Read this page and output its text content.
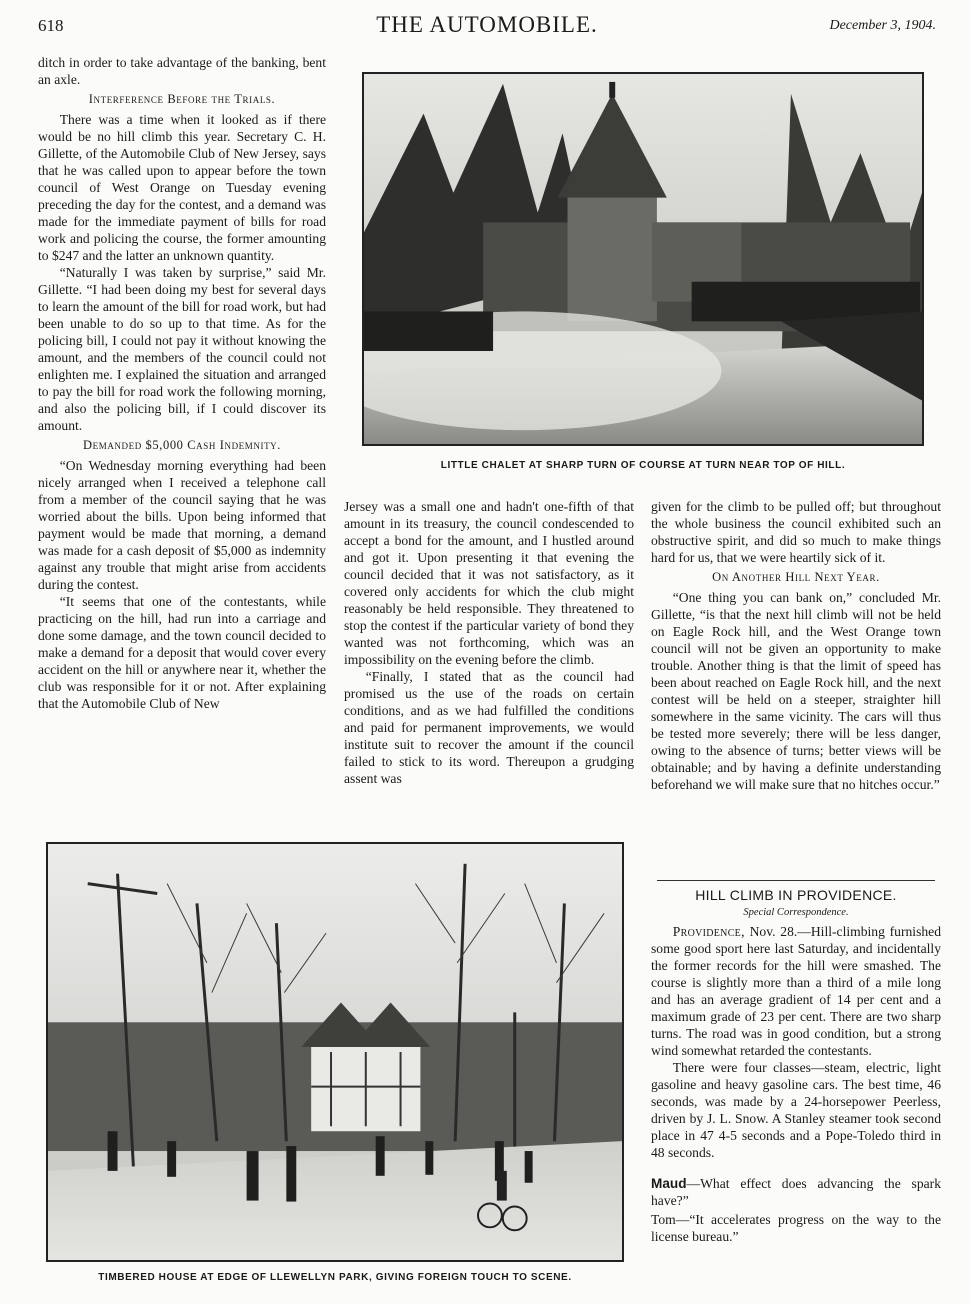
618	THE AUTOMOBILE.	December 3, 1904.

ditch in order to take advantage of the banking, bent an axle.

Interference Before the Trials.

There was a time when it looked as if there would be no hill climb this year. Secretary C. H. Gillette, of the Automobile Club of New Jersey, says that he was called upon to appear before the town council of West Orange on Tuesday evening preceding the day for the contest, and a demand was made for the immediate payment of bills for road work and policing the course, the former amounting to $247 and the latter an unknown quantity.

“Naturally I was taken by surprise,” said Mr. Gillette. “I had been doing my best for several days to learn the amount of the bill for road work, but had been unable to do so up to that time. As for the policing bill, I could not pay it without knowing the amount, and the members of the council could not enlighten me. I explained the situation and arranged to pay the bill for road work the following morning, and also the policing bill, if I could discover its amount.

Demanded $5,000 Cash Indemnity.

“On Wednesday morning everything had been nicely arranged when I received a telephone call from a member of the council saying that he was worried about the bills. Upon being informed that payment would be made that morning, a demand was made for a cash deposit of $5,000 as indemnity against any trouble that might arise from accidents during the contest.

“It seems that one of the contestants, while practicing on the hill, had run into a carriage and done some damage, and the town council decided to make a demand for a deposit that would cover every accident on the hill or anywhere near it, whether the club was responsible for it or not. After explaining that the Automobile Club of New

LITTLE CHALET AT SHARP TURN OF COURSE AT TURN NEAR TOP OF HILL.

Jersey was a small one and hadn't one-fifth of that amount in its treasury, the council condescended to accept a bond for the amount, and I hustled around and got it. Upon presenting it that evening the council decided that it was not satisfactory, as it covered only accidents for which the club might reasonably be held responsible. They threatened to stop the contest if the particular variety of bond they wanted was not forthcoming, which was an impossibility on the evening before the climb.

“Finally, I stated that as the council had promised us the use of the roads on certain conditions, and as we had fulfilled the conditions and paid for permanent improvements, we would institute suit to recover the amount if the council failed to stick to its word. Thereupon a grudging assent was

given for the climb to be pulled off; but throughout the whole business the council exhibited such an obstructive spirit, and did so much to make things hard for us, that we were heartily sick of it.

On Another Hill Next Year.

“One thing you can bank on,” concluded Mr. Gillette, “is that the next hill climb will not be held on Eagle Rock hill, and the West Orange town council will not be given an opportunity to make trouble. Another thing is that the limit of speed has been about reached on Eagle Rock hill, and the next contest will be held on a steeper, straighter hill somewhere in the same vicinity. The cars will thus be tested more severely; there will be less danger, owing to the absence of turns; better views will be obtainable; and by having a definite understanding beforehand we will make sure that no hitches occur.”

HILL CLIMB IN PROVIDENCE.
Special Correspondence.

Providence, Nov. 28.—Hill-climbing furnished some good sport here last Saturday, and incidentally the former records for the hill were smashed. The course is slightly more than a third of a mile long and has an average gradient of 14 per cent and a maximum grade of 23 per cent. There are two sharp turns. The road was in good condition, but a strong wind somewhat retarded the contestants.

There were four classes—steam, electric, light gasoline and heavy gasoline cars. The best time, 46 seconds, was made by a 24-horsepower Peerless, driven by J. L. Snow. A Stanley steamer took second place in 47 4-5 seconds and a Pope-Toledo third in 48 seconds.

Maud—What effect does advancing the spark have?”

Tom—“It accelerates progress on the way to the license bureau.”

TIMBERED HOUSE AT EDGE OF LLEWELLYN PARK, GIVING FOREIGN TOUCH TO SCENE.
